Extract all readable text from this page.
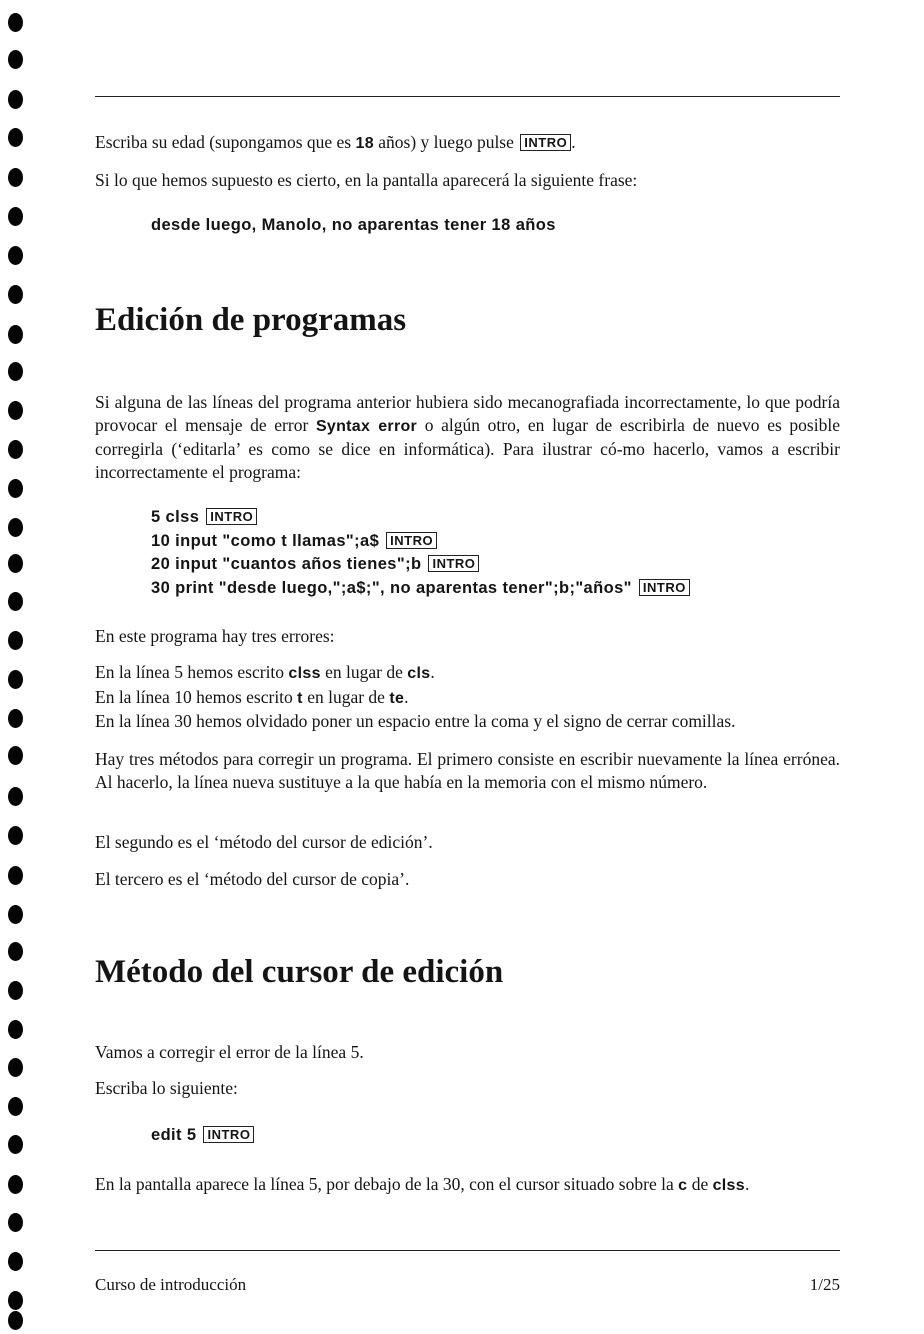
Escriba su edad (supongamos que es 18 años) y luego pulse INTRO .

Si lo que hemos supuesto es cierto, en la pantalla aparecerá la siguiente frase:

desde luego, Manolo, no aparentas tener 18 años
Edición de programas

Si alguna de las líneas del programa anterior hubiera sido mecanografiada incorrectamente, lo que podría provocar el mensaje de error Syntax error o algún otro, en lugar de escribirla de nuevo es posible corregirla (‘editarla’ es como se dice en informática). Para ilustrar có-mo hacerlo, vamos a escribir incorrectamente el programa:

5 clss INTRO
10 input "como t llamas";a$ INTRO
20 input "cuantos años tienes";b INTRO
30 print "desde luego,";a$;", no aparentas tener";b;"años" INTRO

En este programa hay tres errores:

En la línea 5 hemos escrito clss en lugar de cls.
En la línea 10 hemos escrito t en lugar de te.
En la línea 30 hemos olvidado poner un espacio entre la coma y el signo de cerrar comillas.

Hay tres métodos para corregir un programa. El primero consiste en escribir nuevamente la línea errónea. Al hacerlo, la línea nueva sustituye a la que había en la memoria con el mismo número.

El segundo es el ‘método del cursor de edición’.

El tercero es el ‘método del cursor de copia’.

Método del cursor de edición

Vamos a corregir el error de la línea 5.

Escriba lo siguiente:

edit 5 INTRO

En la pantalla aparece la línea 5, por debajo de la 30, con el cursor situado sobre la c de clss.

Curso de introducción	1/25
